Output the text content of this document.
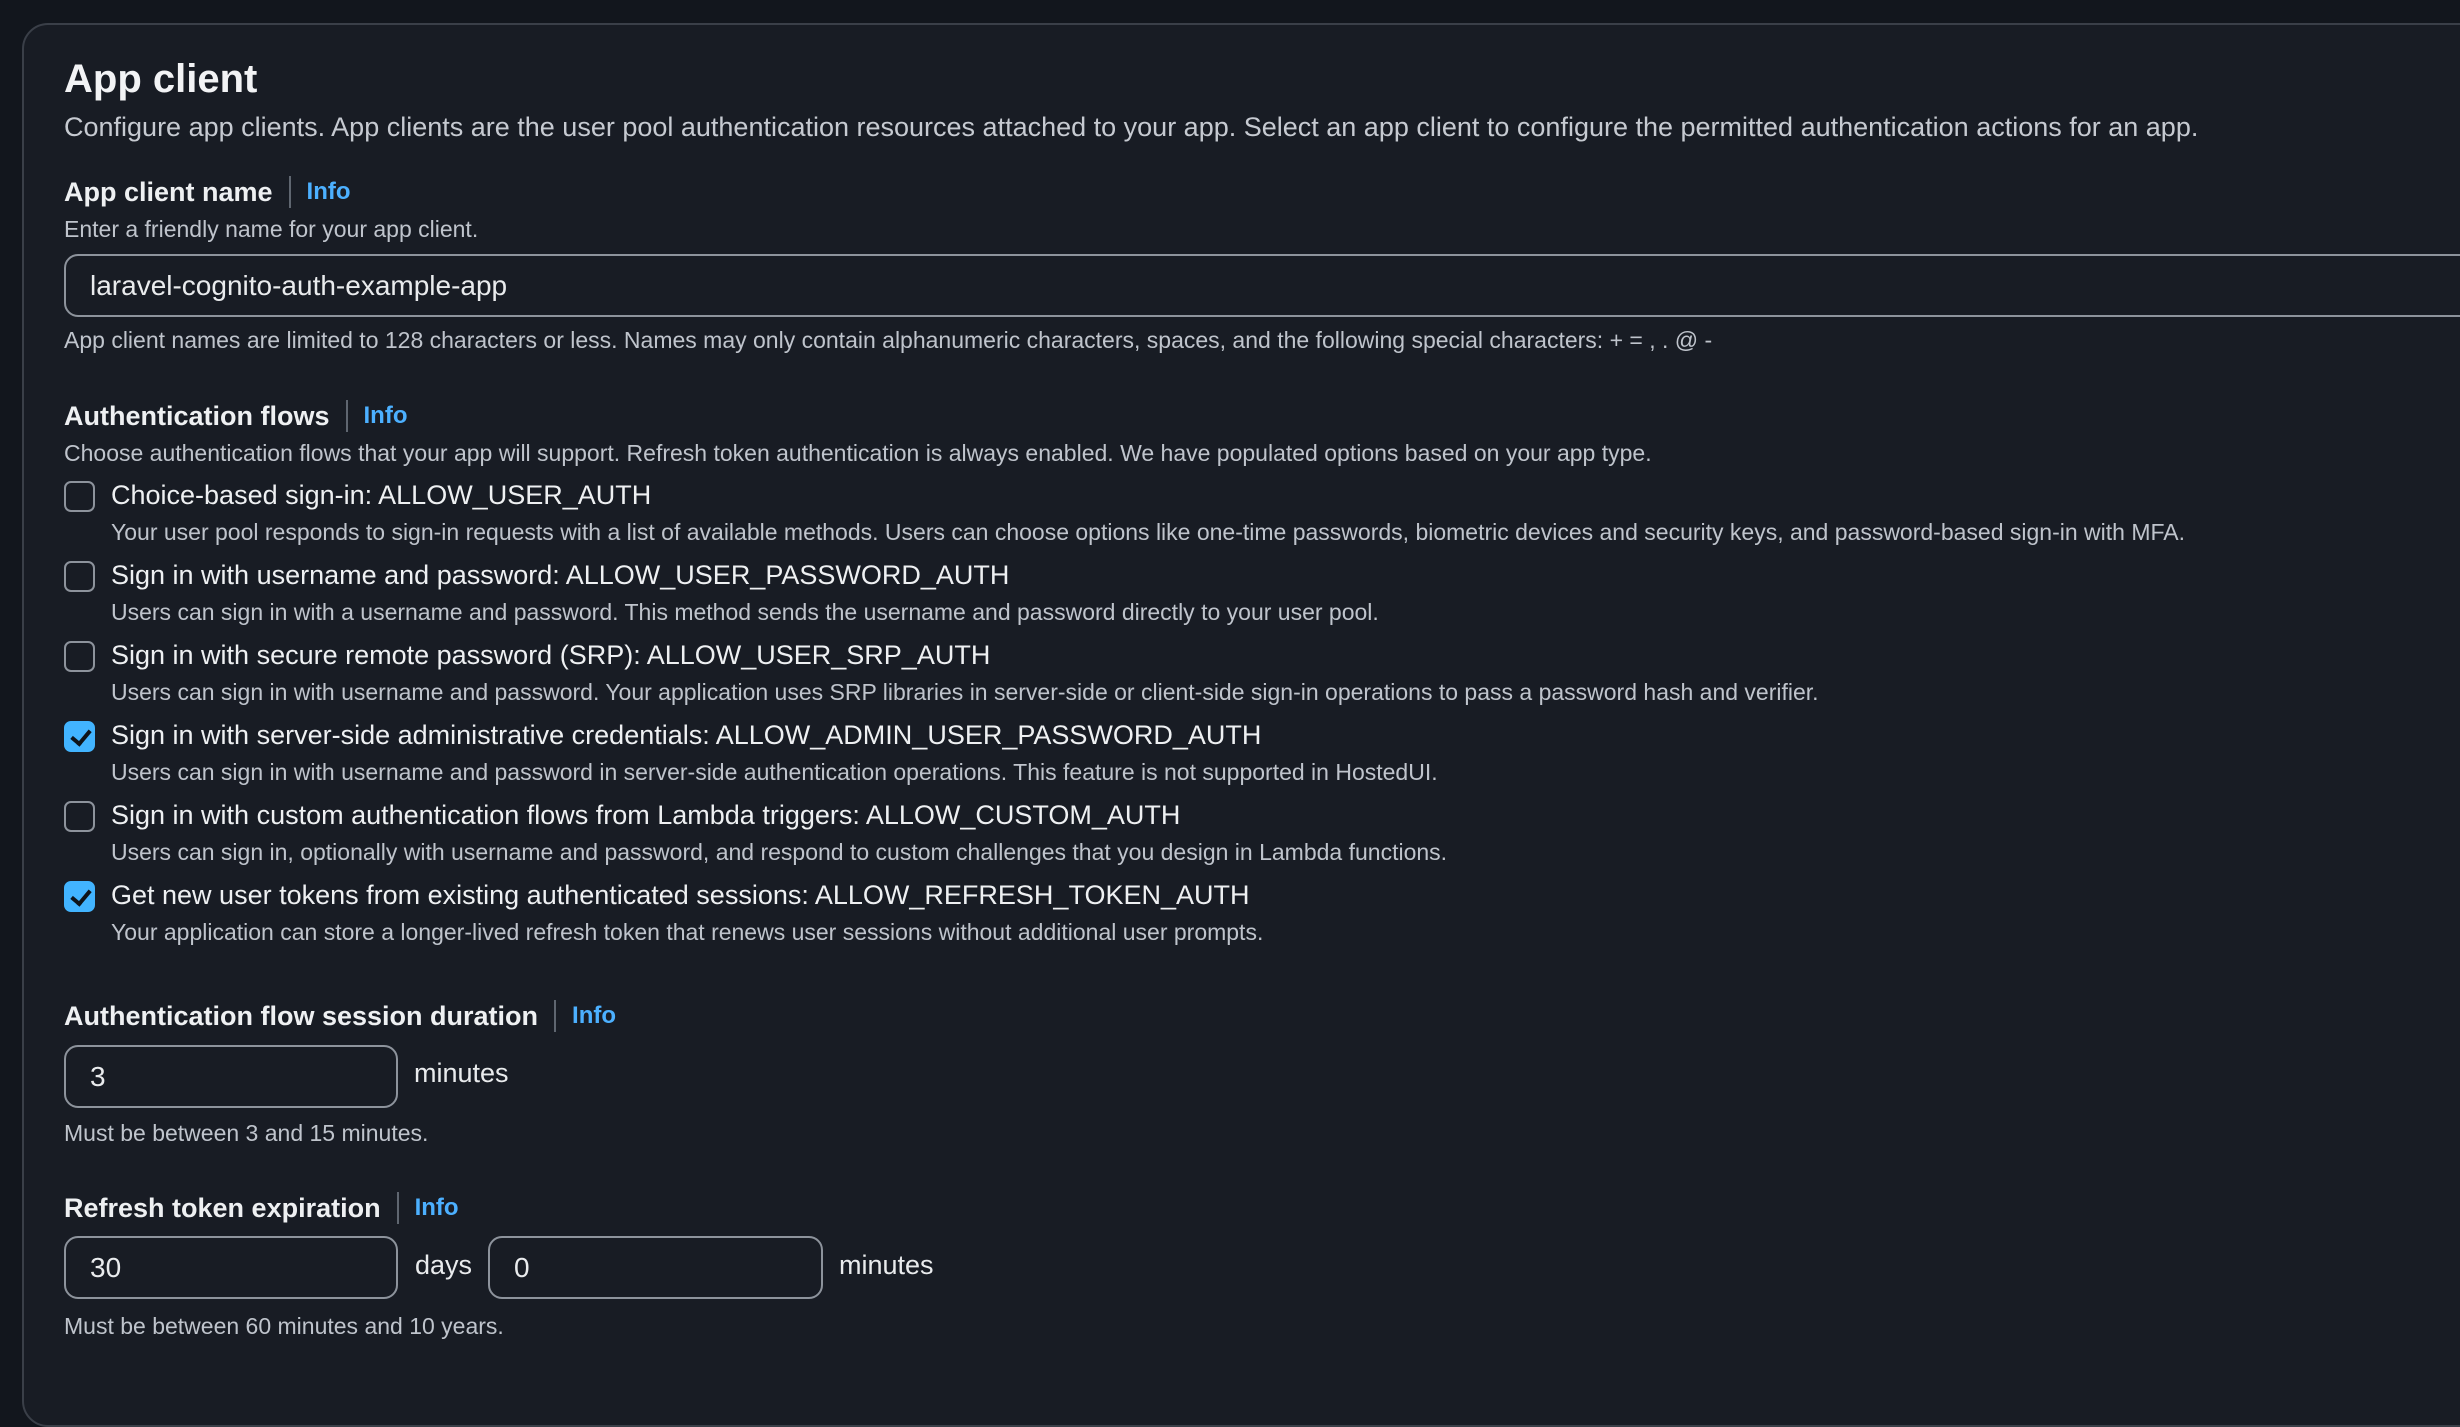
App client
Configure app clients. App clients are the user pool authentication resources attached to your app. Select an app client to configure the permitted authentication actions for an app.
App client name Info
Enter a friendly name for your app client.
laravel-cognito-auth-example-app
App client names are limited to 128 characters or less. Names may only contain alphanumeric characters, spaces, and the following special characters: + = , . @ -
Authentication flows Info
Choose authentication flows that your app will support. Refresh token authentication is always enabled. We have populated options based on your app type.
Choice-based sign-in: ALLOW_USER_AUTH
Your user pool responds to sign-in requests with a list of available methods. Users can choose options like one-time passwords, biometric devices and security keys, and password-based sign-in with MFA.
Sign in with username and password: ALLOW_USER_PASSWORD_AUTH
Users can sign in with a username and password. This method sends the username and password directly to your user pool.
Sign in with secure remote password (SRP): ALLOW_USER_SRP_AUTH
Users can sign in with username and password. Your application uses SRP libraries in server-side or client-side sign-in operations to pass a password hash and verifier.
Sign in with server-side administrative credentials: ALLOW_ADMIN_USER_PASSWORD_AUTH
Users can sign in with username and password in server-side authentication operations. This feature is not supported in HostedUI.
Sign in with custom authentication flows from Lambda triggers: ALLOW_CUSTOM_AUTH
Users can sign in, optionally with username and password, and respond to custom challenges that you design in Lambda functions.
Get new user tokens from existing authenticated sessions: ALLOW_REFRESH_TOKEN_AUTH
Your application can store a longer-lived refresh token that renews user sessions without additional user prompts.
Authentication flow session duration Info
3	minutes
Must be between 3 and 15 minutes.
Refresh token expiration Info
30	days	0	minutes
Must be between 60 minutes and 10 years.
